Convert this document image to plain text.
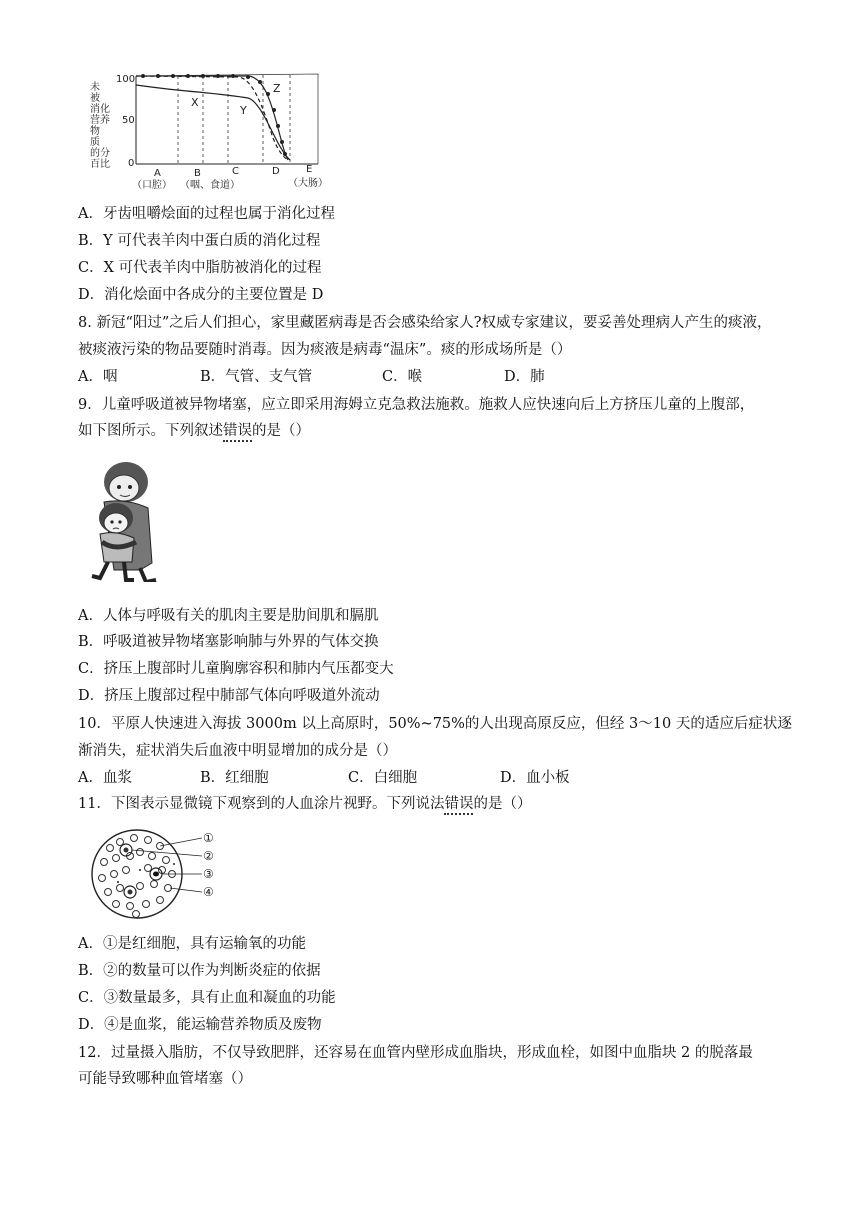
未
被
消 化
营 养
物
质
的
百
分
比
100
50
0
X
Y
Z
A	B	C	D	E
（口腔） （咽、食道）	（大肠）
A．牙齿咀嚼烩面的过程也属于消化过程
B．Y 可代表羊肉中蛋白质的消化过程
C．X 可代表羊肉中脂肪被消化的过程
D．消化烩面中各成分的主要位置是 D
8. 新冠“阳过”之后人们担心，家里藏匿病毒是否会感染给家人?权威专家建议，要妥善处理病人产生的痰液，
被痰液污染的物品要随时消毒。因为痰液是病毒“温床”。痰的形成场所是（）
A．咽	B．气管、支气管	C．喉	D．肺
9．儿童呼吸道被异物堵塞，应立即采用海姆立克急救法施救。施救人应快速向后上方挤压儿童的上腹部，
如下图所示。下列叙述错误的是（）
A．人体与呼吸有关的肌肉主要是肋间肌和膈肌
B．呼吸道被异物堵塞影响肺与外界的气体交换
C．挤压上腹部时儿童胸廓容积和肺内气压都变大
D．挤压上腹部过程中肺部气体向呼吸道外流动
10．平原人快速进入海拔 3000m 以上高原时，50%~75%的人出现高原反应，但经 3～10 天的适应后症状逐
渐消失，症状消失后血液中明显增加的成分是（）
A．血浆	B．红细胞	C．白细胞	D．血小板
11．下图表示显微镜下观察到的人血涂片视野。下列说法错误的是（）
①
②
③
④
A．①是红细胞，具有运输氧的功能
B．②的数量可以作为判断炎症的依据
C．③数量最多，具有止血和凝血的功能
D．④是血浆，能运输营养物质及废物
12．过量摄入脂肪，不仅导致肥胖，还容易在血管内壁形成血脂块，形成血栓，如图中血脂块 2 的脱落最
可能导致哪种血管堵塞（）
